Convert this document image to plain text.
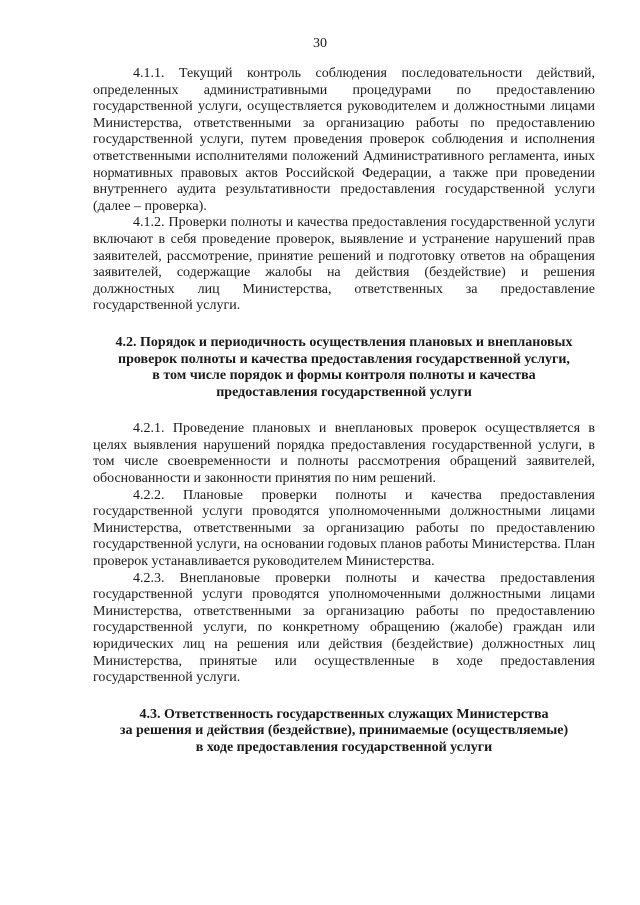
30

4.1.1. Текущий контроль соблюдения последовательности действий, определенных административными процедурами по предоставлению государственной услуги, осуществляется руководителем и должностными лицами Министерства, ответственными за организацию работы по предоставлению государственной услуги, путем проведения проверок соблюдения и исполнения ответственными исполнителями положений Административного регламента, иных нормативных правовых актов Российской Федерации, а также при проведении внутреннего аудита результативности предоставления государственной услуги (далее – проверка).

4.1.2. Проверки полноты и качества предоставления государственной услуги включают в себя проведение проверок, выявление и устранение нарушений прав заявителей, рассмотрение, принятие решений и подготовку ответов на обращения заявителей, содержащие жалобы на действия (бездействие) и решения должностных лиц Министерства, ответственных за предоставление государственной услуги.

4.2. Порядок и периодичность осуществления плановых и внеплановых
проверок полноты и качества предоставления государственной услуги,
в том числе порядок и формы контроля полноты и качества
предоставления государственной услуги

4.2.1. Проведение плановых и внеплановых проверок осуществляется в целях выявления нарушений порядка предоставления государственной услуги, в том числе своевременности и полноты рассмотрения обращений заявителей, обоснованности и законности принятия по ним решений.

4.2.2. Плановые проверки полноты и качества предоставления государственной услуги проводятся уполномоченными должностными лицами Министерства, ответственными за организацию работы по предоставлению государственной услуги, на основании годовых планов работы Министерства. План проверок устанавливается руководителем Министерства.

4.2.3. Внеплановые проверки полноты и качества предоставления государственной услуги проводятся уполномоченными должностными лицами Министерства, ответственными за организацию работы по предоставлению государственной услуги, по конкретному обращению (жалобе) граждан или юридических лиц на решения или действия (бездействие) должностных лиц Министерства, принятые или осуществленные в ходе предоставления государственной услуги.

4.3. Ответственность государственных служащих Министерства
за решения и действия (бездействие), принимаемые (осуществляемые)
в ходе предоставления государственной услуги
